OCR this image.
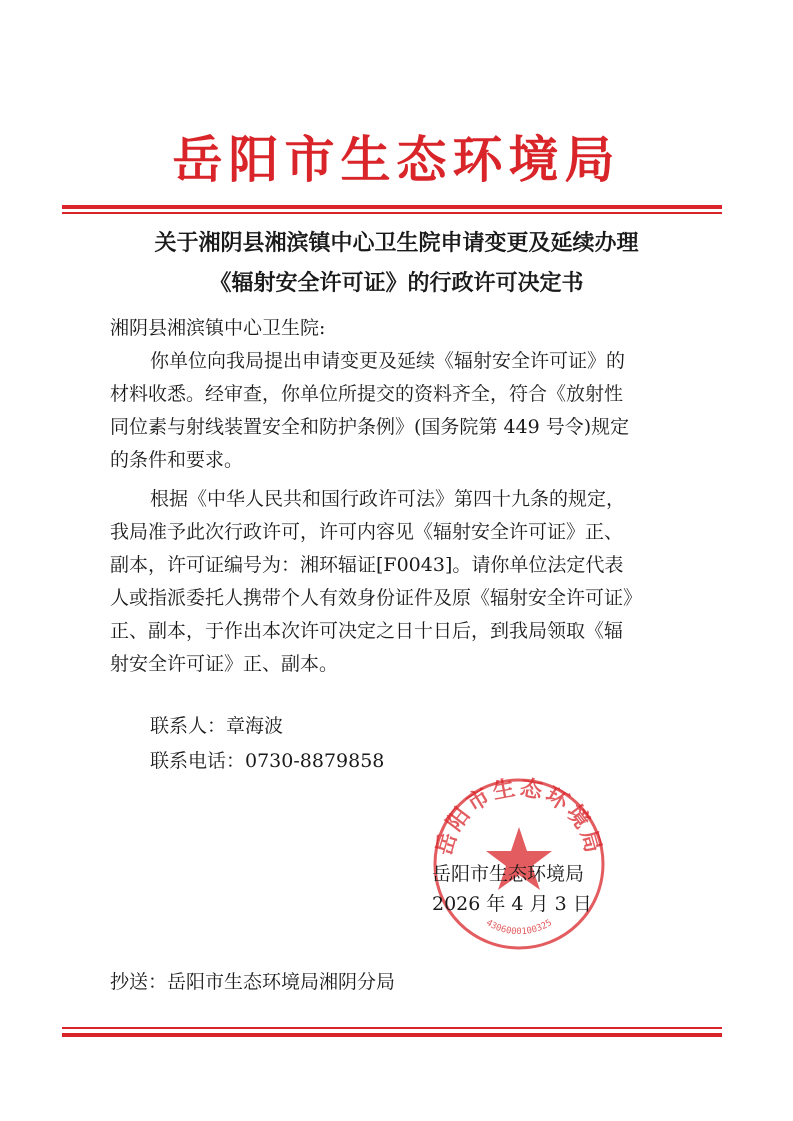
岳阳市生态环境局
关于湘阴县湘滨镇中心卫生院申请变更及延续办理
《辐射安全许可证》的行政许可决定书
湘阴县湘滨镇中心卫生院:
你单位向我局提出申请变更及延续《辐射安全许可证》的
材料收悉。经审查，你单位所提交的资料齐全，符合《放射性
同位素与射线装置安全和防护条例》(国务院第 449 号令)规定
的条件和要求。
根据《中华人民共和国行政许可法》第四十九条的规定，
我局准予此次行政许可，许可内容见《辐射安全许可证》正、
副本，许可证编号为：湘环辐证[F0043]。请你单位法定代表
人或指派委托人携带个人有效身份证件及原《辐射安全许可证》
正、副本，于作出本次许可决定之日十日后，到我局领取《辐
射安全许可证》正、副本。
联系人：章海波
联系电话：0730-8879858
岳阳市生态环境局
4306000100325
岳阳市生态环境局
2026 年 4 月 3 日
抄送：岳阳市生态环境局湘阴分局
